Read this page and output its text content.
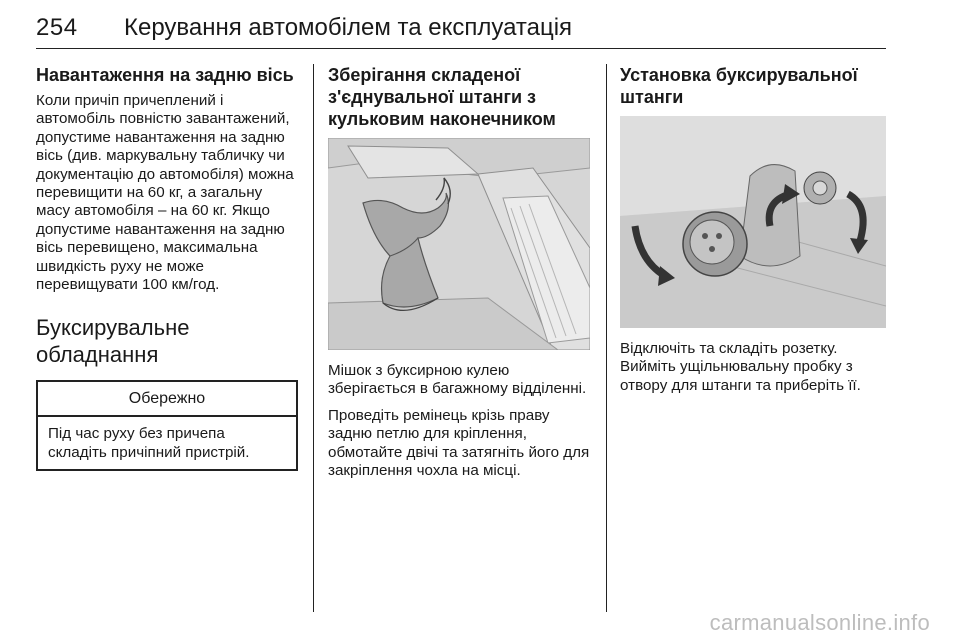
254 Керування автомобілем та експлуатація
Навантаження на задню вісь

Коли причіп причеплений і автомобіль повністю завантажений, допустиме навантаження на задню вісь (див. маркувальну табличку чи документацію до автомобіля) можна перевищити на 60 кг, а загальну масу автомобіля – на 60 кг. Якщо допустиме навантаження на задню вісь перевищено, максимальна швидкість руху не може перевищувати 100 км/год.

Буксирувальне обладнання
Обережно
Під час руху без причепа складіть причіпний пристрій.
Зберігання складеної з'єднувальної штанги з кульковим наконечником

Мішок з буксирною кулею зберігається в багажному відділенні.

Проведіть ремінець крізь праву задню петлю для кріплення, обмотайте двічі та затягніть його для закріплення чохла на місці.

Установка буксирувальної штанги

Відключіть та складіть розетку. Вийміть ущільнювальну пробку з отвору для штанги та приберіть її.

carmanualsonline.info
